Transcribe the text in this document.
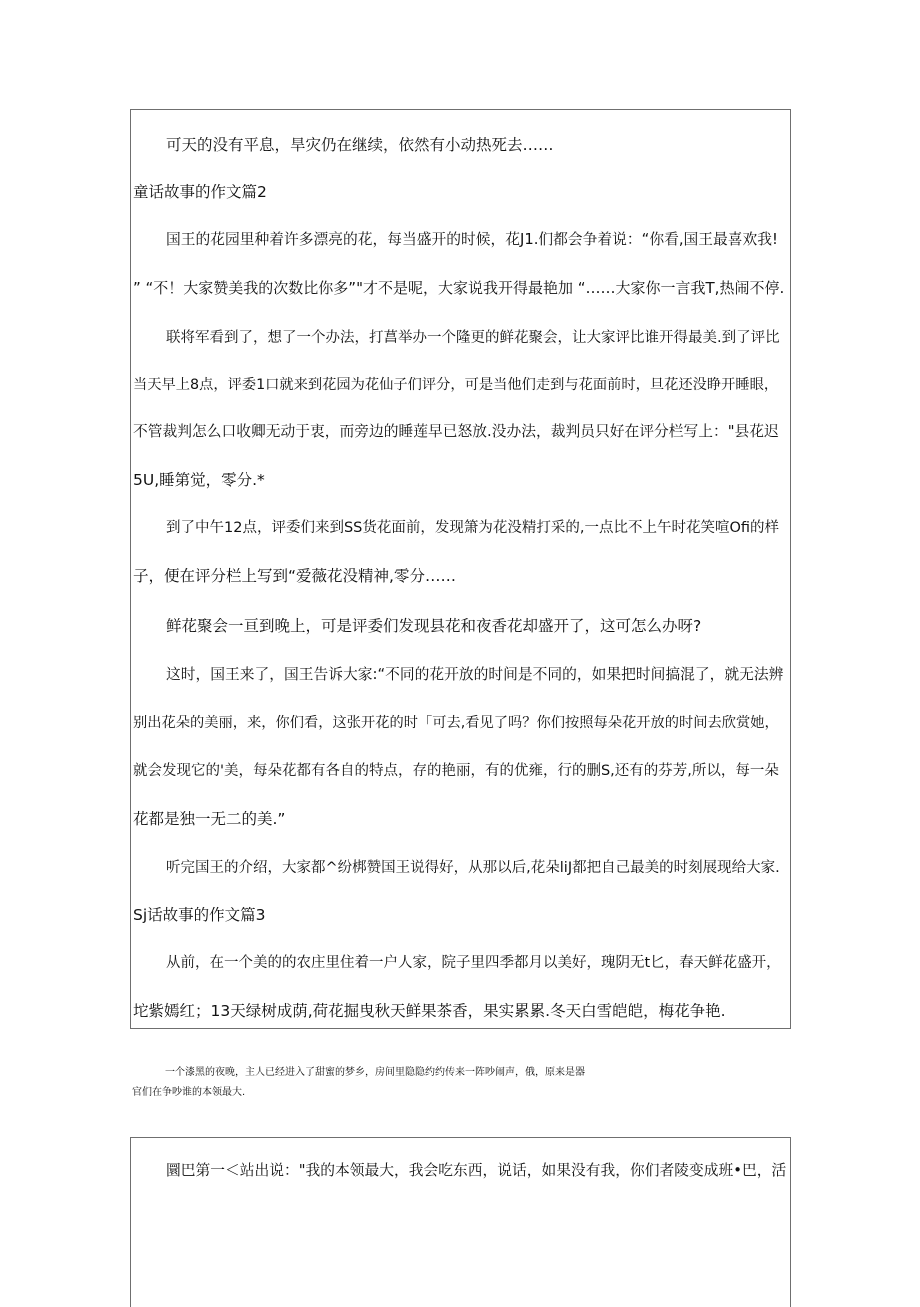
可天的没有平息，旱灾仍在继续，依然有小动热死去……
童话故事的作文篇2
国王的花园里种着许多漂亮的花，每当盛开的时候，花J1.们都会争着说：“你看,国王最喜欢我!
” “不！大家赞美我的次数比你多”"才不是呢，大家说我开得最艳加 “……大家你一言我T,热闹不停.
联将军看到了，想了一个办法，打菖举办一个隆更的鲜花聚会，让大家评比谁开得最美.到了评比
当天早上8点，评委1口就来到花园为花仙子们评分，可是当他们走到与花面前时，旦花还没睁开睡眼，
不管裁判怎么口收卿无动于衷，而旁边的睡莲早已怒放.没办法，裁判员只好在评分栏写上："县花迟
5U,睡第觉，零分.*
到了中午12点，评委们来到SS货花面前，发现箫为花没精打采的,一点比不上午时花笑喧Ofi的样
子，便在评分栏上写到“爱薇花没精神,零分……
鲜花聚会一亘到晚上，可是评委们发现县花和夜香花却盛开了，这可怎么办呀?
这时，国王来了，国王告诉大家:“不同的花开放的时间是不同的，如果把时间搞混了，就无法辨
别出花朵的美丽，来，你们看，这张开花的时「可去,看见了吗？你们按照每朵花开放的时间去欣赏她，
就会发现它的'美，每朵花都有各自的特点，存的艳丽，有的优雍，行的删S,还有的芬芳,所以，每一朵
花都是独一无二的美.”
听完国王的介绍，大家都^纷梆赞国王说得好，从那以后,花朵liJ都把自己最美的时刻展现给大家.
Sj话故事的作文篇3
从前，在一个美的的农庄里住着一户人家，院子里四季都月以美好，瑰阴无t匕，春天鲜花盛开，
坨紫嫣红；13天绿树成荫,荷花掘曳秋天鲜果茶香，果实累累.冬天白雪皑皑，梅花争艳.
一个漆黑的夜晚，主人已经进入了甜蜜的梦乡，房间里隐隐约约传来一阵吵闹声，俄，原来是器
官们在争吵谁的本领最大.
圜巴第一＜站出说："我的本领最大，我会吃东西，说话，如果没有我，你们者陵变成班•巴，活
